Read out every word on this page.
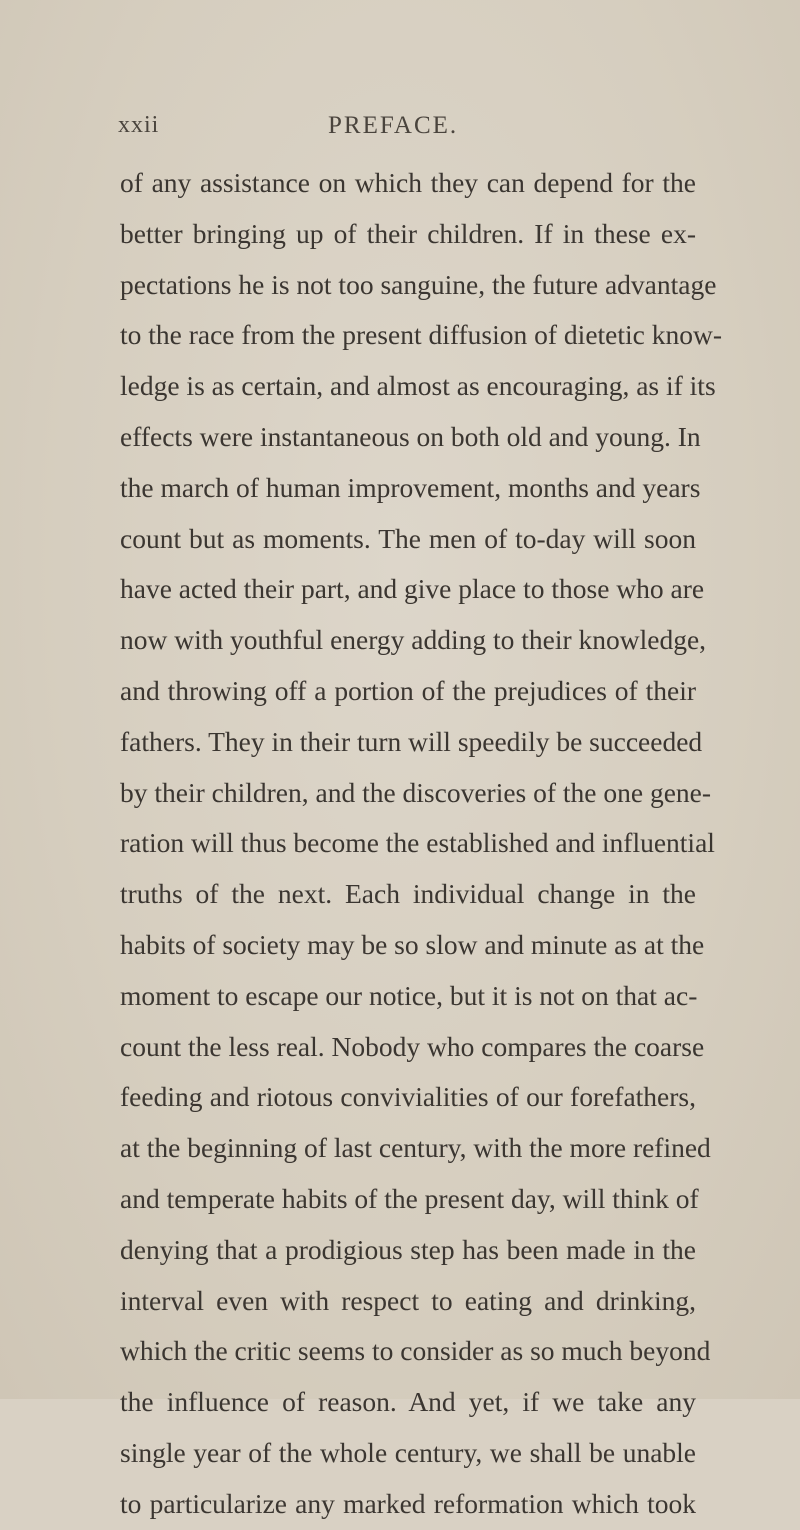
xxii	PREFACE.
of any assistance on which they can depend for the
better bringing up of their children. If in these ex-
pectations he is not too sanguine, the future advantage
to the race from the present diffusion of dietetic know-
ledge is as certain, and almost as encouraging, as if its
effects were instantaneous on both old and young. In
the march of human improvement, months and years
count but as moments. The men of to-day will soon
have acted their part, and give place to those who are
now with youthful energy adding to their knowledge,
and throwing off a portion of the prejudices of their
fathers. They in their turn will speedily be succeeded
by their children, and the discoveries of the one gene-
ration will thus become the established and influential
truths of the next. Each individual change in the
habits of society may be so slow and minute as at the
moment to escape our notice, but it is not on that ac-
count the less real. Nobody who compares the coarse
feeding and riotous convivialities of our forefathers,
at the beginning of last century, with the more refined
and temperate habits of the present day, will think of
denying that a prodigious step has been made in the
interval even with respect to eating and drinking,
which the critic seems to consider as so much beyond
the influence of reason. And yet, if we take any
single year of the whole century, we shall be unable
to particularize any marked reformation which took
